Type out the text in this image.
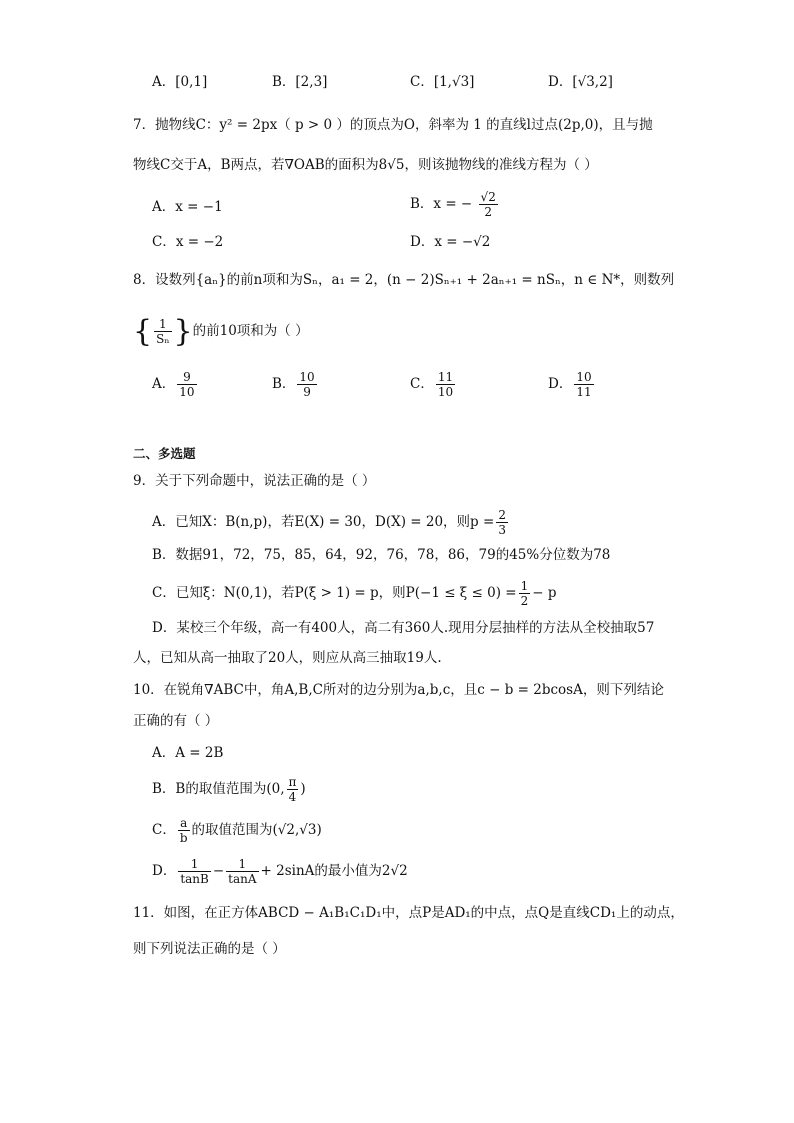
A．[0,1]	B．[2,3]	C．[1,√3]	D．[√3,2]
7．抛物线C：y² = 2px（ p > 0 ）的顶点为O，斜率为 1 的直线l过点(2p,0)，且与抛
物线C交于A，B两点，若∇OAB的面积为8√5，则该抛物线的准线方程为（ ）
A．x = −1	B．x = − $\frac{√2}{2}$
C．x = −2	D．x = −√2
8．设数列{aₙ}的前n项和为Sₙ，a₁ = 2，(n − 2)Sₙ₊₁ + 2aₙ₊₁ = nSₙ，n ∈ N*，则数列
{ $\frac{1}{\text{Sₙ}}$ }的前10项和为（ ）
A． $\frac{9}{10}$	B． $\frac{10}{9}$	C． $\frac{11}{10}$	D． $\frac{10}{11}$
二、多选题
9．关于下列命题中，说法正确的是（ ）
A．已知X：B(n,p)，若E(X) = 30，D(X) = 20，则$p = \frac{2}{3}$
B．数据91，72，75，85，64，92，76，78，86，79的45%分位数为78
C．已知ξ：N(0,1)，若P(ξ > 1) = p，则$P(-1 \le \xi \le 0) = \frac{1}{2} - p$
D．某校三个年级，高一有400人，高二有360人.现用分层抽样的方法从全校抽取57
人，已知从高一抽取了20人，则应从高三抽取19人.
10．在锐角∇ABC中，角A,B,C所对的边分别为a,b,c，且c − b = 2bcosA，则下列结论
正确的有（ ）
A．A = 2B
B．B的取值范围为(0, $\frac{\pi}{4}$ )
C． $\frac{a}{b}$ 的取值范围为(√2,√3)
D． $\frac{1}{\tan B} - \frac{1}{\tan A} + 2\sin A$的最小值为2√2
11．如图，在正方体ABCD − A₁B₁C₁D₁中，点P是AD₁的中点，点Q是直线CD₁上的动点，
则下列说法正确的是（ ）
